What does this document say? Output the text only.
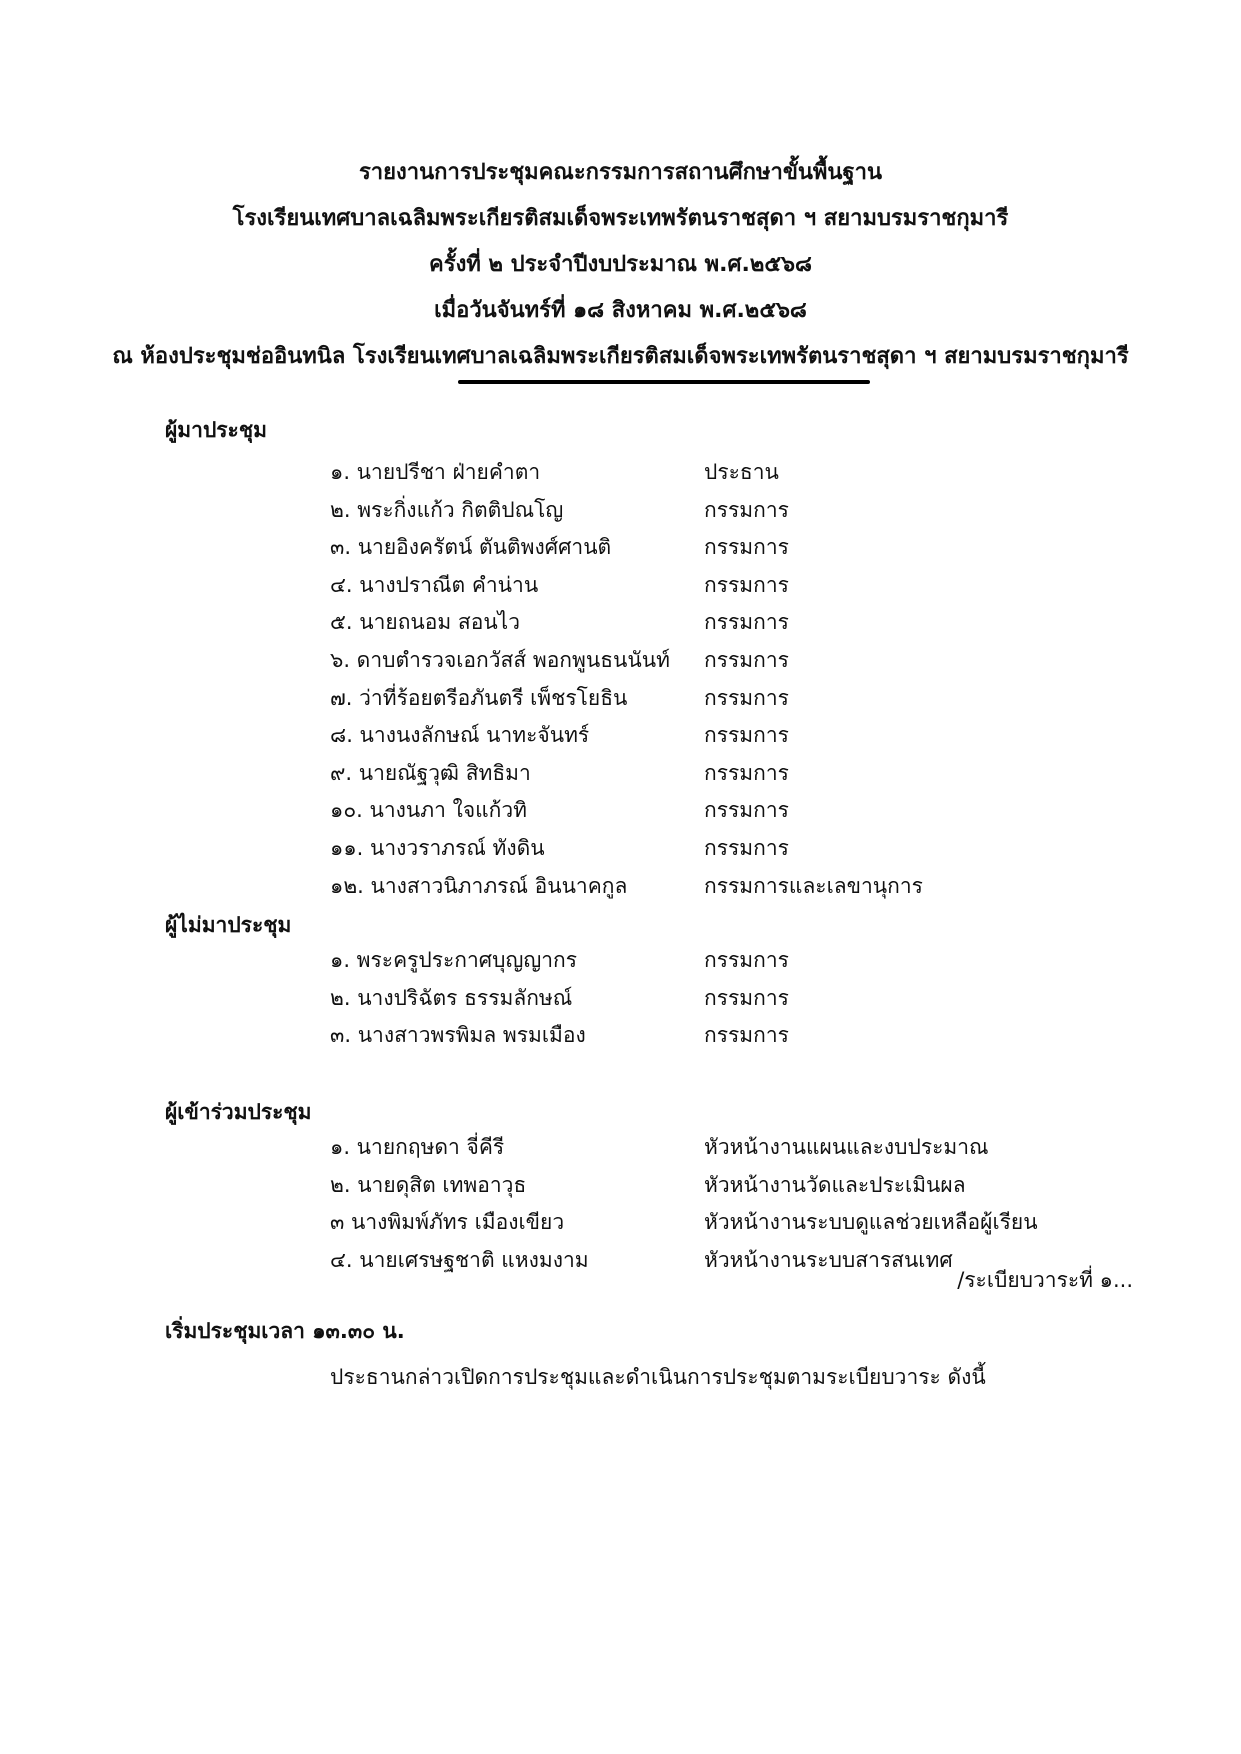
รายงานการประชุมคณะกรรมการสถานศึกษาขั้นพื้นฐาน
โรงเรียนเทศบาลเฉลิมพระเกียรติสมเด็จพระเทพรัตนราชสุดา ฯ สยามบรมราชกุมารี
ครั้งที่ ๒ ประจำปีงบประมาณ พ.ศ.๒๕๖๘
เมื่อวันจันทร์ที่ ๑๘ สิงหาคม พ.ศ.๒๕๖๘
ณ ห้องประชุมช่ออินทนิล โรงเรียนเทศบาลเฉลิมพระเกียรติสมเด็จพระเทพรัตนราชสุดา ฯ สยามบรมราชกุมารี
ผู้มาประชุม
๑. นายปรีชา ฝ่ายคำตา	ประธาน
๒. พระกิ่งแก้ว กิตติปณโญ	กรรมการ
๓. นายอิงครัตน์ ตันติพงศ์ศานติ	กรรมการ
๔. นางปราณีต คำน่าน	กรรมการ
๕. นายถนอม สอนไว	กรรมการ
๖. ดาบตำรวจเอกวัสส์ พอกพูนธนนันท์ กรรมการ
๗. ว่าที่ร้อยตรีอภันตรี เพ็ชรโยธิน	กรรมการ
๘. นางนงลักษณ์ นาทะจันทร์	กรรมการ
๙. นายณัฐวุฒิ สิทธิมา	กรรมการ
๑๐. นางนภา ใจแก้วทิ	กรรมการ
๑๑. นางวราภรณ์ ทังดิน	กรรมการ
๑๒. นางสาวนิภาภรณ์ อินนาคกูล	กรรมการและเลขานุการ
ผู้ไม่มาประชุม
๑. พระครูประกาศบุญญากร	กรรมการ
๒. นางปริฉัตร ธรรมลักษณ์	กรรมการ
๓. นางสาวพรพิมล พรมเมือง	กรรมการ
ผู้เข้าร่วมประชุม
๑. นายกฤษดา จี่คีรี	หัวหน้างานแผนและงบประมาณ
๒. นายดุสิต เทพอาวุธ	หัวหน้างานวัดและประเมินผล
๓ นางพิมพ์ภัทร เมืองเขียว	หัวหน้างานระบบดูแลช่วยเหลือผู้เรียน
๔. นายเศรษฐชาติ แหงมงาม	หัวหน้างานระบบสารสนเทศ
เริ่มประชุมเวลา ๑๓.๓๐ น.
ประธานกล่าวเปิดการประชุมและดำเนินการประชุมตามระเบียบวาระ ดังนี้
/ระเบียบวาระที่ ๑...
